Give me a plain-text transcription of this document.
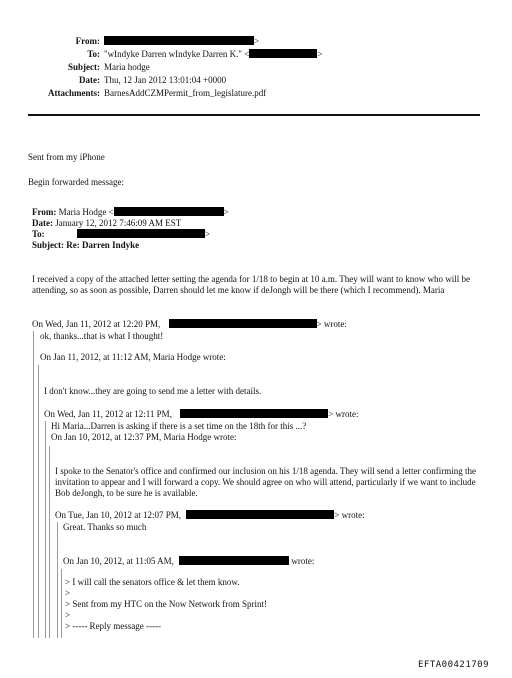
From:	>
To: "wIndyke Darren wIndyke Darren K." <	>
Subject: Maria hodge
Date: Thu, 12 Jan 2012 13:01:04 +0000
Attachments: BarnesAddCZMPermit_from_legislature.pdf
Sent from my iPhone
Begin forwarded message:
From: Maria Hodge <	>
Date: January 12, 2012 7:46:09 AM EST
To:	>
Subject: Re: Darren Indyke
I received a copy of the attached letter setting the agenda for 1/18 to begin at 10 a.m. They will want to know who will be attending, so as soon as possible, Darren should let me know if deJongh will be there (which I recommend). Maria
On Wed, Jan 11, 2012 at 12:20 PM,	> wrote:
ok, thanks...that is what I thought!
On Jan 11, 2012, at 11:12 AM, Maria Hodge wrote:
I don't know...they are going to send me a letter with details.
On Wed, Jan 11, 2012 at 12:11 PM,	> wrote:
Hi Maria...Darren is asking if there is a set time on the 18th for this ...?
On Jan 10, 2012, at 12:37 PM, Maria Hodge wrote:
I spoke to the Senator's office and confirmed our inclusion on his 1/18 agenda. They will send a letter confirming the invitation to appear and I will forward a copy. We should agree on who will attend, particularly if we want to include Bob deJongh, to be sure he is available.
On Tue, Jan 10, 2012 at 12:07 PM,	> wrote:
Great. Thanks so much
On Jan 10, 2012, at 11:05 AM,	wrote:
> I will call the senators office & let them know.
>
> Sent from my HTC on the Now Network from Sprint!
>
> ----- Reply message -----
EFTA00421709
